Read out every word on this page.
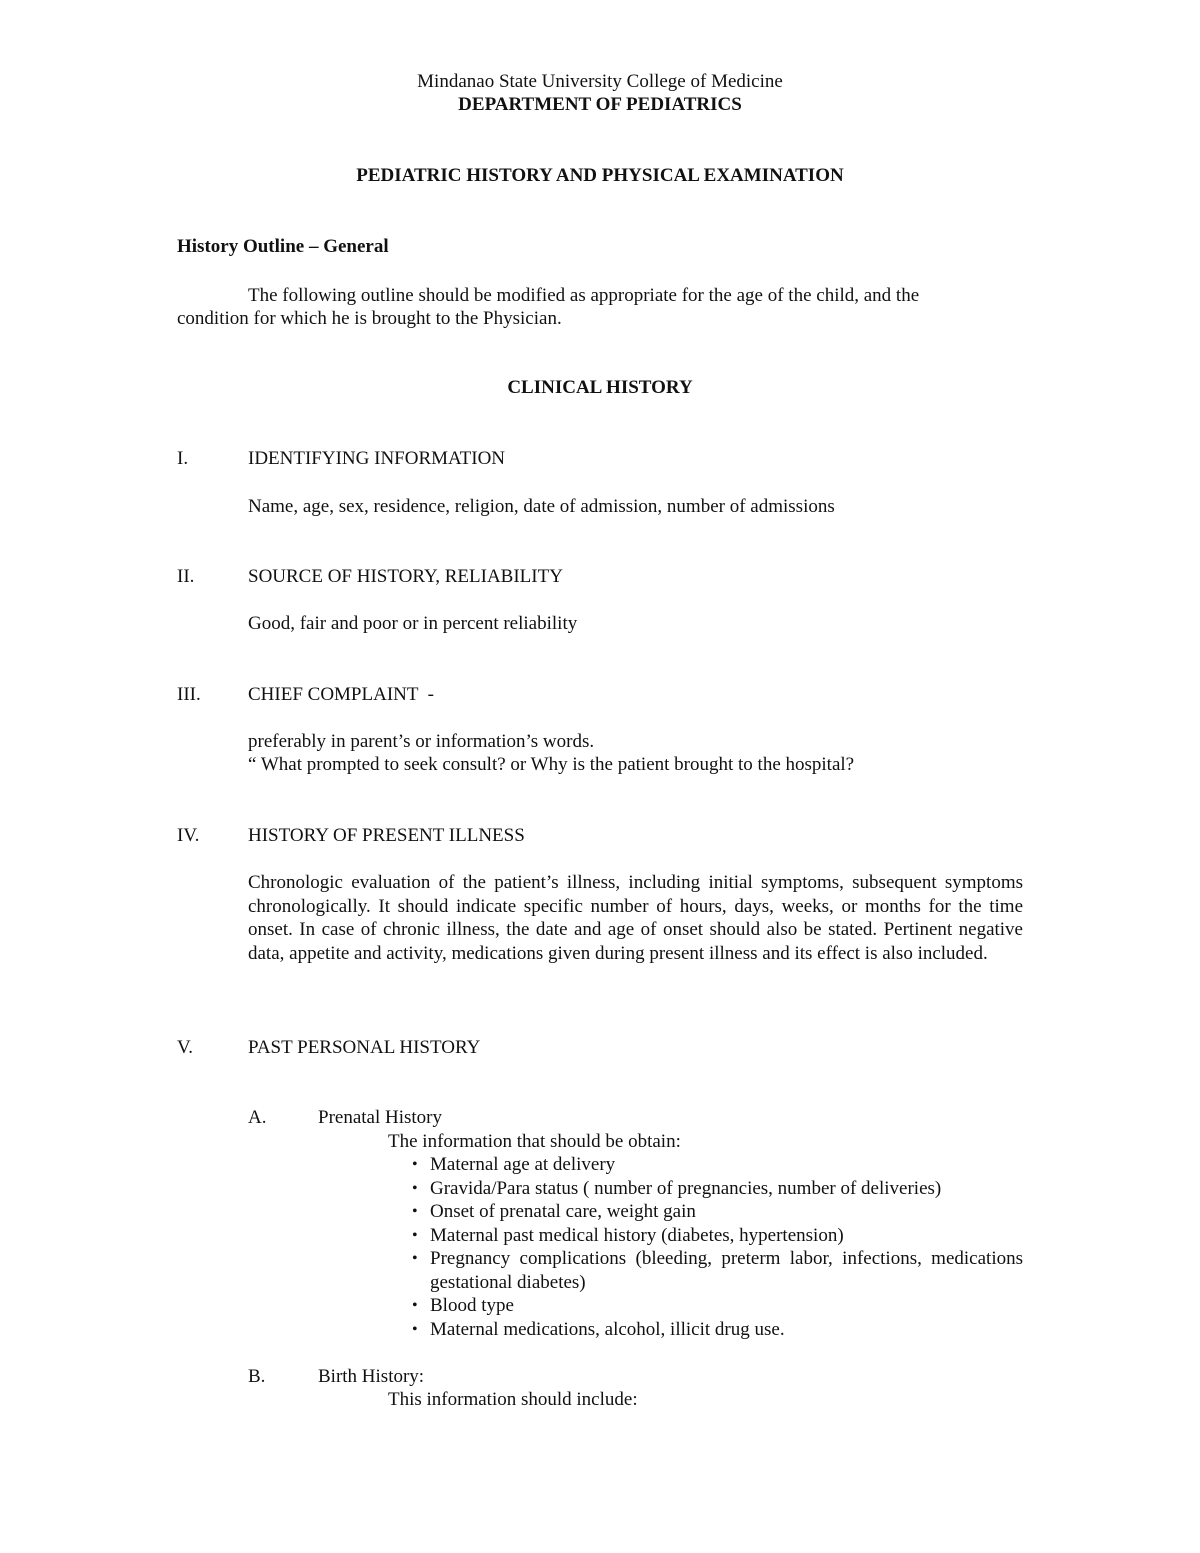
Mindanao State University College of Medicine

DEPARTMENT OF PEDIATRICS

PEDIATRIC HISTORY AND PHYSICAL EXAMINATION

History Outline – General

The following outline should be modified as appropriate for the age of the child, and the

condition for which he is brought to the Physician.

CLINICAL HISTORY

I.	IDENTIFYING INFORMATION

Name, age, sex, residence, religion, date of admission, number of admissions

II.	SOURCE OF HISTORY, RELIABILITY

Good, fair and poor or in percent reliability

III. CHIEF COMPLAINT  -

preferably in parent’s or information’s words.

“ What prompted to seek consult? or Why is the patient brought to the hospital?

IV.	HISTORY OF PRESENT ILLNESS

Chronologic evaluation of the patient’s illness, including initial symptoms, subsequent symptoms chronologically. It should indicate specific number of hours, days, weeks, or months for the time onset. In case of chronic illness, the date and age of onset should also be stated. Pertinent negative data, appetite and activity, medications given during present illness and its effect is also included.

V.	PAST PERSONAL HISTORY

A.	Prenatal History

The information that should be obtain:

• Maternal age at delivery
• Gravida/Para status ( number of pregnancies, number of deliveries)
• Onset of prenatal care, weight gain
• Maternal past medical history (diabetes, hypertension)
• Pregnancy complications (bleeding, preterm labor, infections, medications gestational diabetes)
• Blood type
• Maternal medications, alcohol, illicit drug use.

B.	Birth History:

This information should include:
